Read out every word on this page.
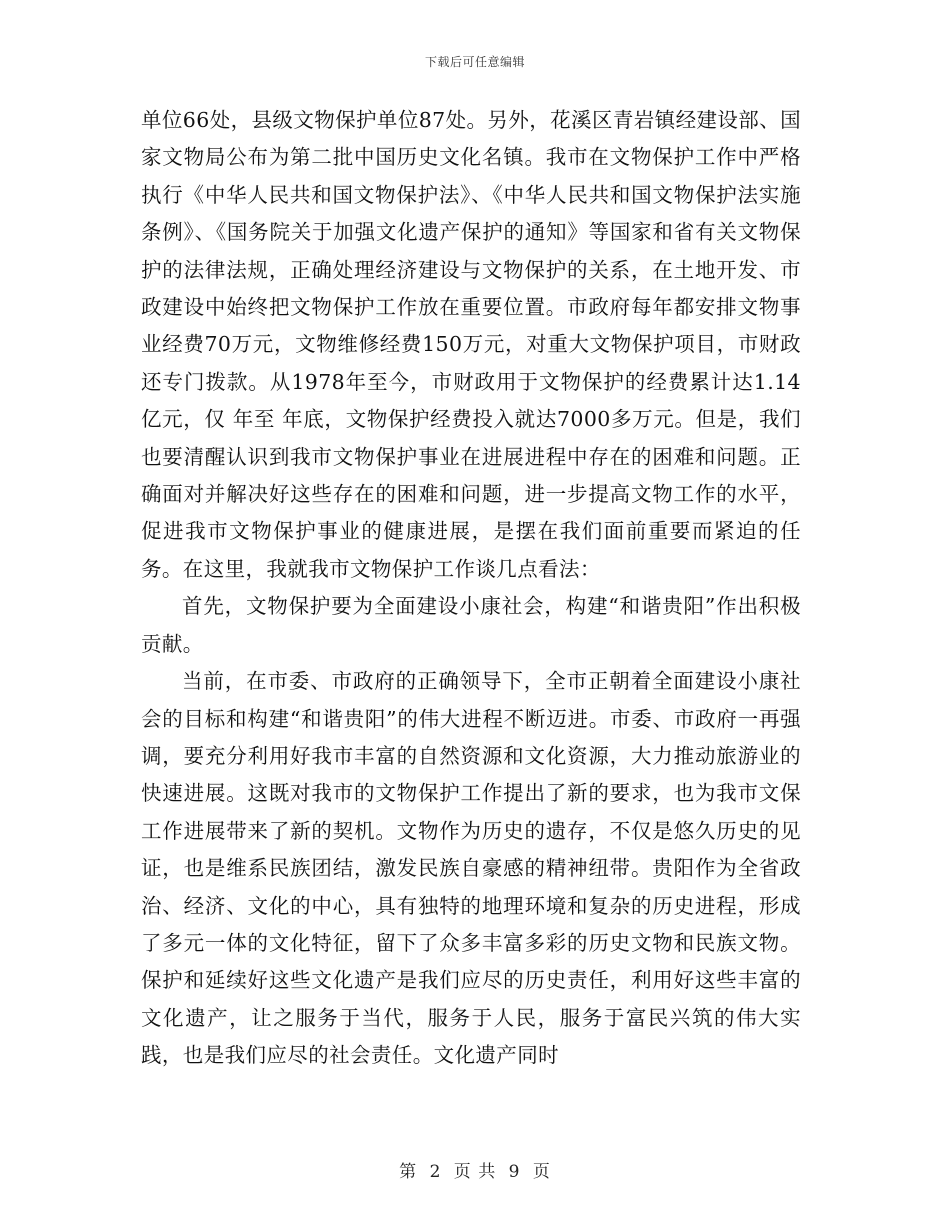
下载后可任意编辑

单位66处，县级文物保护单位87处。另外，花溪区青岩镇经建设部、国家文物局公布为第二批中国历史文化名镇。我市在文物保护工作中严格执行《中华人民共和国文物保护法》、《中华人民共和国文物保护法实施条例》、《国务院关于加强文化遗产保护的通知》等国家和省有关文物保护的法律法规，正确处理经济建设与文物保护的关系，在土地开发、市政建设中始终把文物保护工作放在重要位置。市政府每年都安排文物事业经费70万元，文物维修经费150万元，对重大文物保护项目，市财政还专门拨款。从1978年至今，市财政用于文物保护的经费累计达1.14亿元，仅 年至 年底，文物保护经费投入就达7000多万元。但是，我们也要清醒认识到我市文物保护事业在进展进程中存在的困难和问题。正确面对并解决好这些存在的困难和问题，进一步提高文物工作的水平，促进我市文物保护事业的健康进展，是摆在我们面前重要而紧迫的任务。在这里，我就我市文物保护工作谈几点看法：

首先，文物保护要为全面建设小康社会，构建“和谐贵阳”作出积极贡献。

当前，在市委、市政府的正确领导下，全市正朝着全面建设小康社会的目标和构建“和谐贵阳”的伟大进程不断迈进。市委、市政府一再强调，要充分利用好我市丰富的自然资源和文化资源，大力推动旅游业的快速进展。这既对我市的文物保护工作提出了新的要求，也为我市文保工作进展带来了新的契机。文物作为历史的遗存，不仅是悠久历史的见证，也是维系民族团结，激发民族自豪感的精神纽带。贵阳作为全省政治、经济、文化的中心，具有独特的地理环境和复杂的历史进程，形成了多元一体的文化特征，留下了众多丰富多彩的历史文物和民族文物。保护和延续好这些文化遗产是我们应尽的历史责任，利用好这些丰富的文化遗产，让之服务于当代，服务于人民，服务于富民兴筑的伟大实践，也是我们应尽的社会责任。文化遗产同时

第 2 页 共 9 页
